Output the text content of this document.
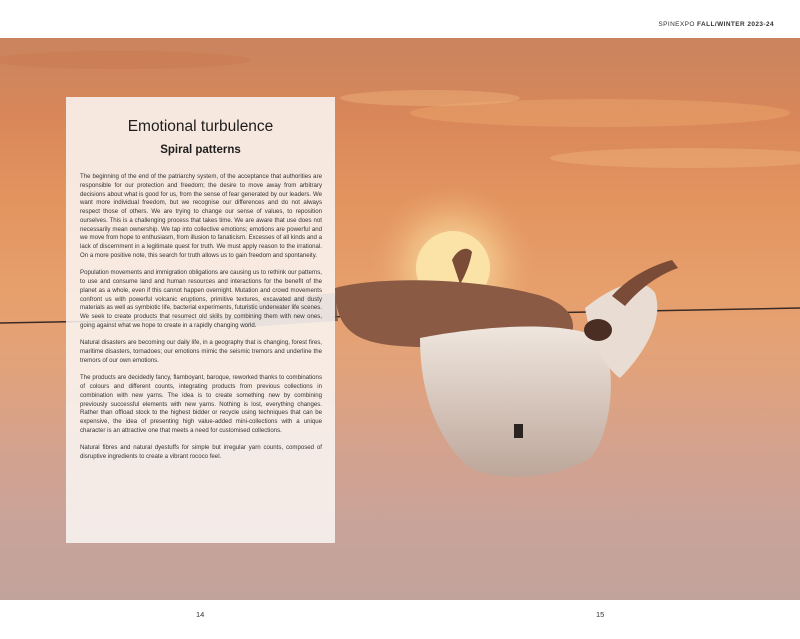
SPINEXPO FALL/WINTER 2023-24
Emotional turbulence
Spiral patterns

The beginning of the end of the patriarchy system, of the acceptance that authorities are responsible for our protection and freedom; the desire to move away from arbitrary decisions about what is good for us, from the sense of fear generated by our leaders. We want more individual freedom, but we recognise our differences and do not always respect those of others. We are trying to change our sense of values, to reposition ourselves. This is a challenging process that takes time. We are aware that use does not necessarily mean ownership. We tap into collective emotions; emotions are powerful and we move from hope to enthusiasm, from illusion to fanaticism. Excesses of all kinds and a lack of discernment in a legitimate quest for truth. We must apply reason to the irrational. On a more positive note, this search for truth allows us to gain freedom and spontaneity.

Population movements and immigration obligations are causing us to rethink our patterns, to use and consume land and human resources and interactions for the benefit of the planet as a whole, even if this cannot happen overnight. Mutation and crowd movements confront us with powerful volcanic eruptions, primitive textures, excavated and dusty materials as well as symbiotic life, bacterial experiments, futuristic underwater life scenes. We seek to create products that resurrect old skills by combining them with new ones, going against what we hope to create in a rapidly changing world.

Natural disasters are becoming our daily life, in a geography that is changing, forest fires, maritime disasters, tornadoes; our emotions mimic the seismic tremors and underline the tremors of our own emotions.

The products are decidedly fancy, flamboyant, baroque, reworked thanks to combinations of colours and different counts, integrating products from previous collections in combination with new yarns. The idea is to create something new by combining previously successful elements with new yarns. Nothing is lost, everything changes. Rather than offload stock to the highest bidder or recycle using techniques that can be expensive, the idea of presenting high value-added mini-collections with a unique character is an attractive one that meets a need for customised collections.

Natural fibres and natural dyestuffs for simple but irregular yarn counts, composed of disruptive ingredients to create a vibrant rococo feel.

14	15
